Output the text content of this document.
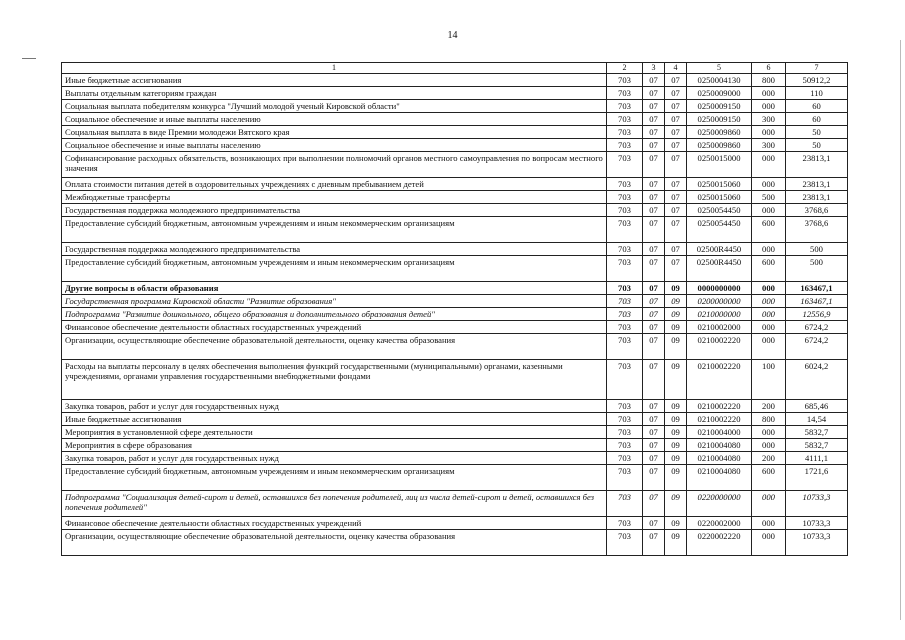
14
1	2	3	4	5	6	7
Иные бюджетные ассигнования	703	07	07	0250004130	800	50912,2
Выплаты отдельным категориям граждан	703	07	07	0250009000	000	110
Социальная выплата победителям конкурса "Лучший молодой ученый Кировской области"	703	07	07	0250009150	000	60
Социальное обеспечение и иные выплаты населению	703	07	07	0250009150	300	60
Социальная выплата в виде Премии молодежи Вятского края	703	07	07	0250009860	000	50
Социальное обеспечение и иные выплаты населению	703	07	07	0250009860	300	50
Софинансирование расходных обязательств, возникающих при выполнении полномочий органов местного самоуправления по вопросам местного значения	703	07	07	0250015000	000	23813,1
Оплата стоимости питания детей в оздоровительных учреждениях с дневным пребыванием детей	703	07	07	0250015060	000	23813,1
Межбюджетные трансферты	703	07	07	0250015060	500	23813,1
Государственная поддержка молодежного предпринимательства	703	07	07	0250054450	000	3768,6
Предоставление субсидий бюджетным, автономным учреждениям и иным некоммерческим организациям	703	07	07	0250054450	600	3768,6
Государственная поддержка молодежного предпринимательства	703	07	07	02500R4450	000	500
Предоставление субсидий бюджетным, автономным учреждениям и иным некоммерческим организациям	703	07	07	02500R4450	600	500
Другие вопросы в области образования	703	07	09	0000000000	000	163467,1
Государственная программа Кировской области "Развитие образования"	703	07	09	0200000000	000	163467,1
Подпрограмма "Развитие дошкольного, общего образования и дополнительного образования детей"	703	07	09	0210000000	000	12556,9
Финансовое обеспечение деятельности областных государственных учреждений	703	07	09	0210002000	000	6724,2
Организации, осуществляющие обеспечение образовательной деятельности, оценку качества образования	703	07	09	0210002220	000	6724,2
Расходы на выплаты персоналу в целях обеспечения выполнения функций государственными (муниципальными) органами, казенными учреждениями, органами управления государственными внебюджетными фондами	703	07	09	0210002220	100	6024,2
Закупка товаров, работ и услуг для государственных нужд	703	07	09	0210002220	200	685,46
Иные бюджетные ассигнования	703	07	09	0210002220	800	14,54
Мероприятия в установленной сфере деятельности	703	07	09	0210004000	000	5832,7
Мероприятия в сфере образования	703	07	09	0210004080	000	5832,7
Закупка товаров, работ и услуг для государственных нужд	703	07	09	0210004080	200	4111,1
Предоставление субсидий бюджетным, автономным учреждениям и иным некоммерческим организациям	703	07	09	0210004080	600	1721,6
Подпрограмма "Социализация детей-сирот и детей, оставшихся без попечения родителей, лиц из числа детей-сирот и детей, оставшихся без попечения родителей"	703	07	09	0220000000	000	10733,3
Финансовое обеспечение деятельности областных государственных учреждений	703	07	09	0220002000	000	10733,3
Организации, осуществляющие обеспечение образовательной деятельности, оценку качества образования	703	07	09	0220002220	000	10733,3
